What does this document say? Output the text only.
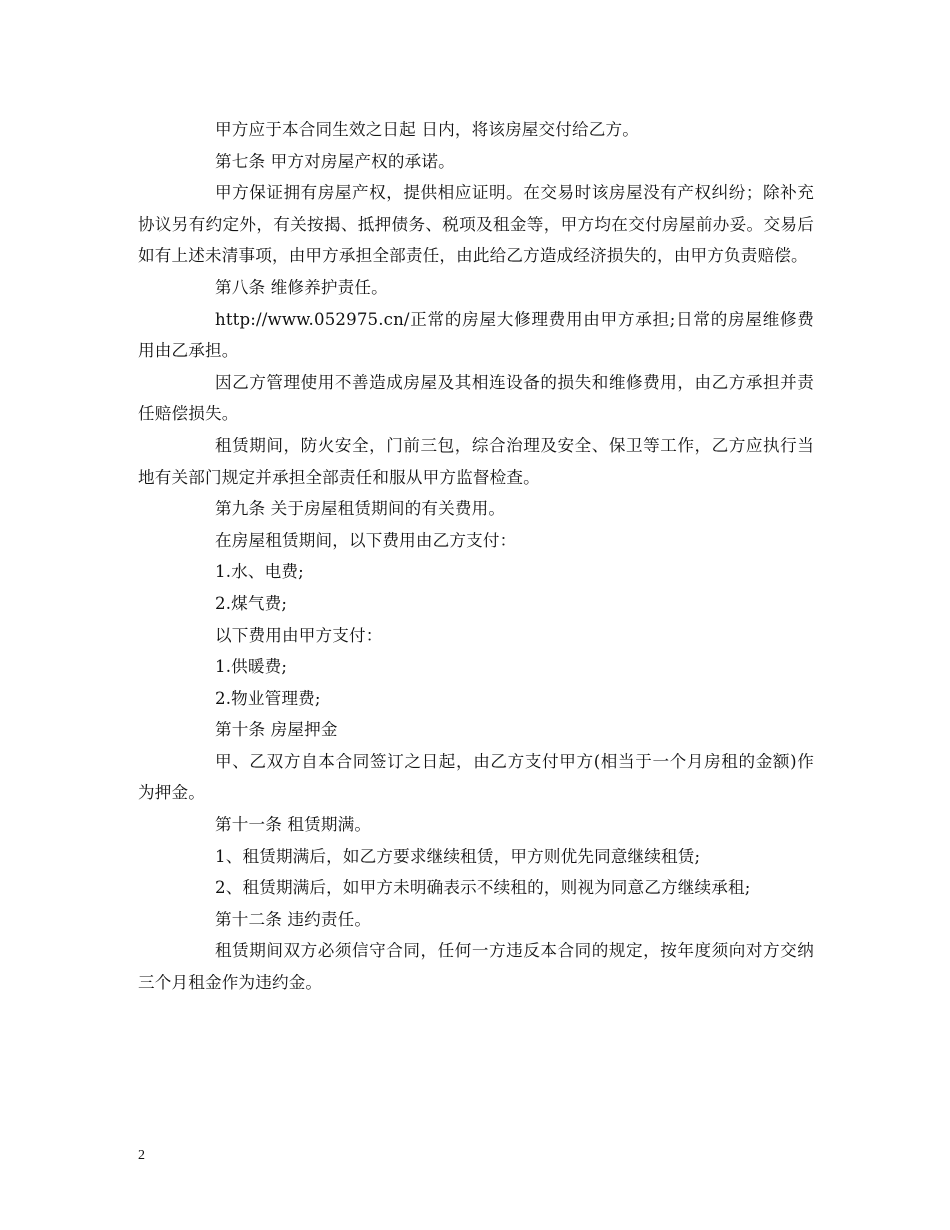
甲方应于本合同生效之日起 日内，将该房屋交付给乙方。

第七条 甲方对房屋产权的承诺。

甲方保证拥有房屋产权，提供相应证明。在交易时该房屋没有产权纠纷；除补充协议另有约定外，有关按揭、抵押债务、税项及租金等，甲方均在交付房屋前办妥。交易后如有上述未清事项，由甲方承担全部责任，由此给乙方造成经济损失的，由甲方负责赔偿。

第八条 维修养护责任。

http://www.052975.cn/正常的房屋大修理费用由甲方承担;日常的房屋维修费用由乙承担。

因乙方管理使用不善造成房屋及其相连设备的损失和维修费用，由乙方承担并责任赔偿损失。

租赁期间，防火安全，门前三包，综合治理及安全、保卫等工作，乙方应执行当地有关部门规定并承担全部责任和服从甲方监督检查。

第九条 关于房屋租赁期间的有关费用。

在房屋租赁期间，以下费用由乙方支付：

1.水、电费;

2.煤气费;

以下费用由甲方支付：

1.供暖费;

2.物业管理费;

第十条 房屋押金

甲、乙双方自本合同签订之日起，由乙方支付甲方(相当于一个月房租的金额)作为押金。

第十一条 租赁期满。

1、租赁期满后，如乙方要求继续租赁，甲方则优先同意继续租赁;

2、租赁期满后，如甲方未明确表示不续租的，则视为同意乙方继续承租;

第十二条 违约责任。

租赁期间双方必须信守合同，任何一方违反本合同的规定，按年度须向对方交纳三个月租金作为违约金。

2
